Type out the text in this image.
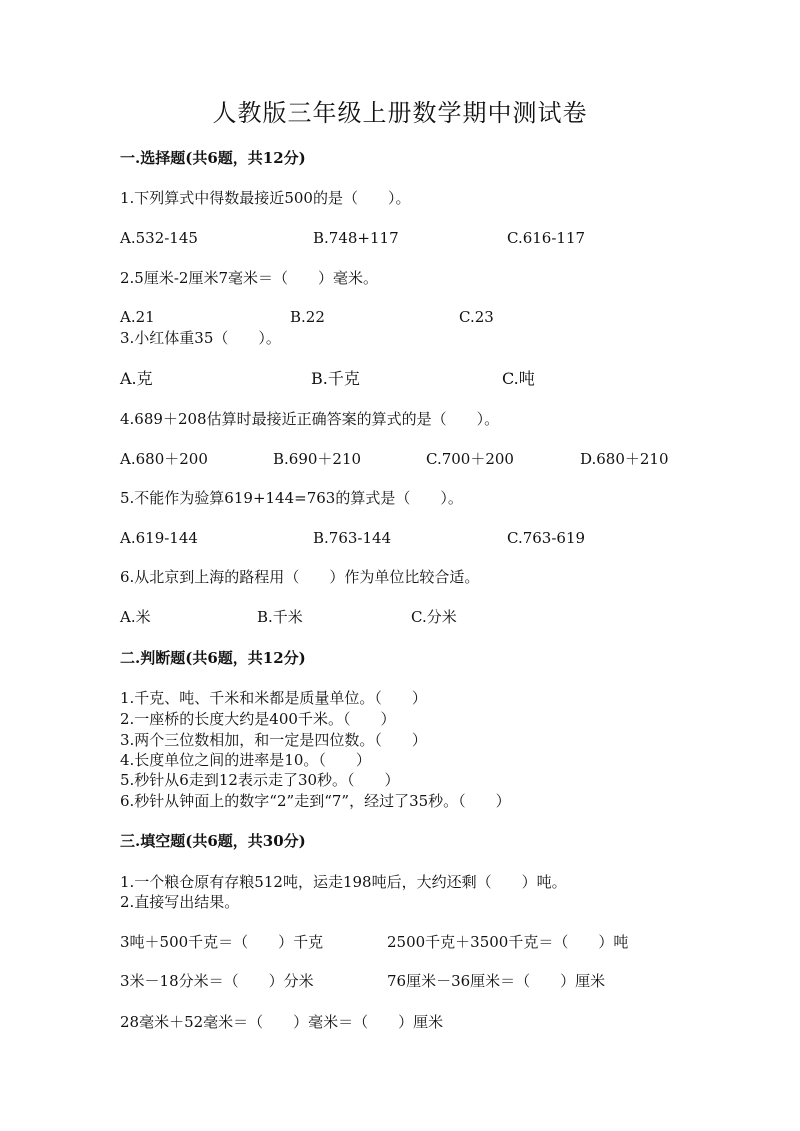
人教版三年级上册数学期中测试卷
一.选择题(共6题，共12分)
1.下列算式中得数最接近500的是（　　）。
A.532-145	B.748+117	C.616-117
2.5厘米-2厘米7毫米＝（　　）毫米。
A.21	B.22	C.23
3.小红体重35（　　）。
A.克	B.千克	C.吨
4.689＋208估算时最接近正确答案的算式的是（　　）。
A.680＋200	B.690＋210	C.700＋200	D.680＋210
5.不能作为验算619+144=763的算式是（　　）。
A.619-144	B.763-144	C.763-619
6.从北京到上海的路程用（　　）作为单位比较合适。
A.米	B.千米	C.分米
二.判断题(共6题，共12分)
1.千克、吨、千米和米都是质量单位。（　　）
2.一座桥的长度大约是400千米。（　　）
3.两个三位数相加，和一定是四位数。（　　）
4.长度单位之间的进率是10。（　　）
5.秒针从6走到12表示走了30秒。（　　）
6.秒针从钟面上的数字“2”走到“7”，经过了35秒。（　　）
三.填空题(共6题，共30分)
1.一个粮仓原有存粮512吨，运走198吨后，大约还剩（　　）吨。
2.直接写出结果。
3吨＋500千克＝（　　）千克	2500千克＋3500千克＝（　　）吨
3米－18分米＝（　　）分米	76厘米－36厘米＝（　　）厘米
28毫米＋52毫米＝（　　）毫米＝（　　）厘米
